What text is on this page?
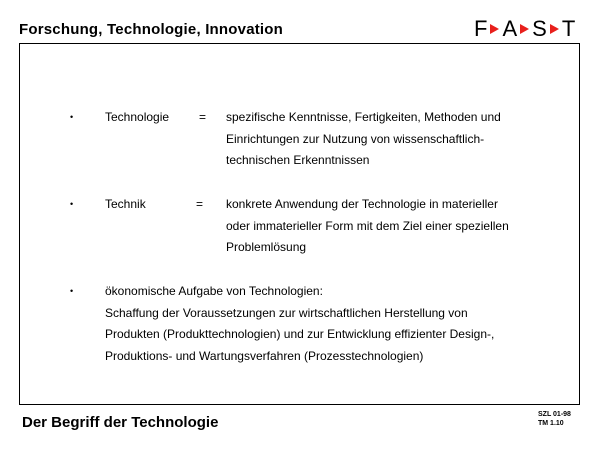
Forschung, Technologie, Innovation	F A S T
•	Technologie = spezifische Kenntnisse, Fertigkeiten, Methoden und
Einrichtungen zur Nutzung von wissenschaftlich-
technischen Erkenntnissen
•	Technik	= konkrete Anwendung der Technologie in materieller
oder immaterieller Form mit dem Ziel einer speziellen
Problemlösung
•	ökonomische Aufgabe von Technologien:
Schaffung der Voraussetzungen zur wirtschaftlichen Herstellung von
Produkten (Produkttechnologien) und zur Entwicklung effizienter Design-,
Produktions- und Wartungsverfahren (Prozesstechnologien)
Der Begriff der Technologie	SZL 01-98
TM 1.10
